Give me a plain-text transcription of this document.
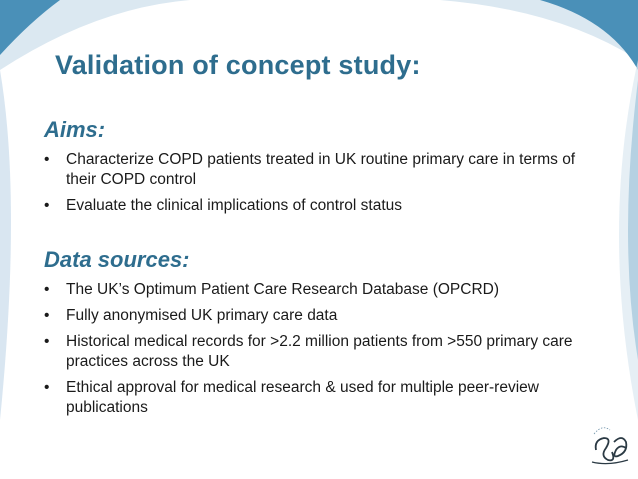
Validation of concept study:
Aims:
•	Characterize COPD patients treated in UK routine primary care in terms of their COPD control
•	Evaluate the clinical implications of control status
Data sources:
•	The UK’s Optimum Patient Care Research Database (OPCRD)
•	Fully anonymised UK primary care data
•	Historical medical records for >2.2 million patients from >550 primary care practices across the UK
•	Ethical approval for medical research & used for multiple peer-review publications
